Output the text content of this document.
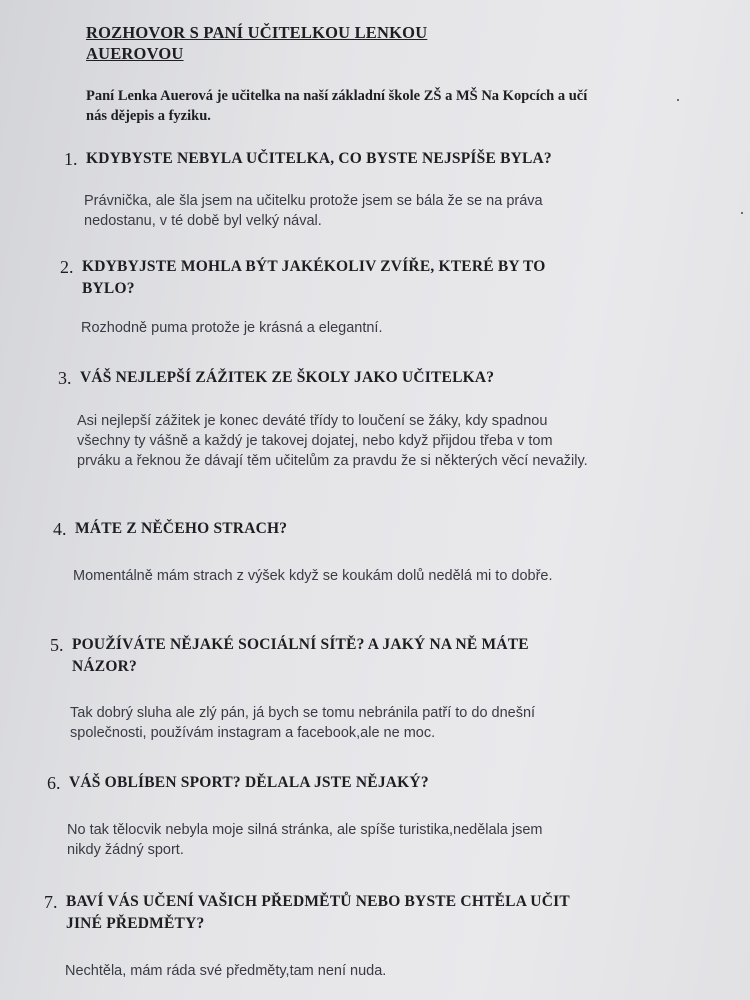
ROZHOVOR S PANÍ UČITELKOU LENKOU AUEROVOU
Paní Lenka Auerová je učitelka na naší základní škole ZŠ a MŠ Na Kopcích a učí nás dějepis a fyziku.
1. KDYBYSTE NEBYLA UČITELKA, CO BYSTE NEJSPÍŠE BYLA?
Právnička, ale šla jsem na učitelku protože jsem se bála že se na práva nedostanu, v té době byl velký nával.
2. KDYBYJSTE MOHLA BÝT JAKÉKOLIV ZVÍŘE, KTERÉ BY TO BYLO?
Rozhodně puma protože je krásná a elegantní.
3. VÁŠ NEJLEPŠÍ ZÁŽITEK ZE ŠKOLY JAKO UČITELKA?
Asi nejlepší zážitek je konec deváté třídy to loučení se žáky, kdy spadnou všechny ty vášně a každý je takovej dojatej, nebo když přijdou třeba v tom prváku a řeknou že dávají těm učitelům za pravdu že si některých věcí nevažily.
4. MÁTE Z NĚČEHO STRACH?
Momentálně mám strach z výšek když se koukám dolů nedělá mi to dobře.
5. POUŽÍVÁTE NĚJAKÉ SOCIÁLNÍ SÍTĚ? A JAKÝ NA NĚ MÁTE NÁZOR?
Tak dobrý sluha ale zlý pán, já bych se tomu nebránila patří to do dnešní společnosti, používám instagram a facebook,ale ne moc.
6. VÁŠ OBLÍBEN SPORT? DĚLALA JSTE NĚJAKÝ?
No tak tělocvik nebyla moje silná stránka, ale spíše turistika,nedělala jsem nikdy žádný sport.
7. BAVÍ VÁS UČENÍ VAŠICH PŘEDMĚTŮ NEBO BYSTE CHTĚLA UČIT JINÉ PŘEDMĚTY?
Nechtěla, mám ráda své předměty,tam není nuda.
